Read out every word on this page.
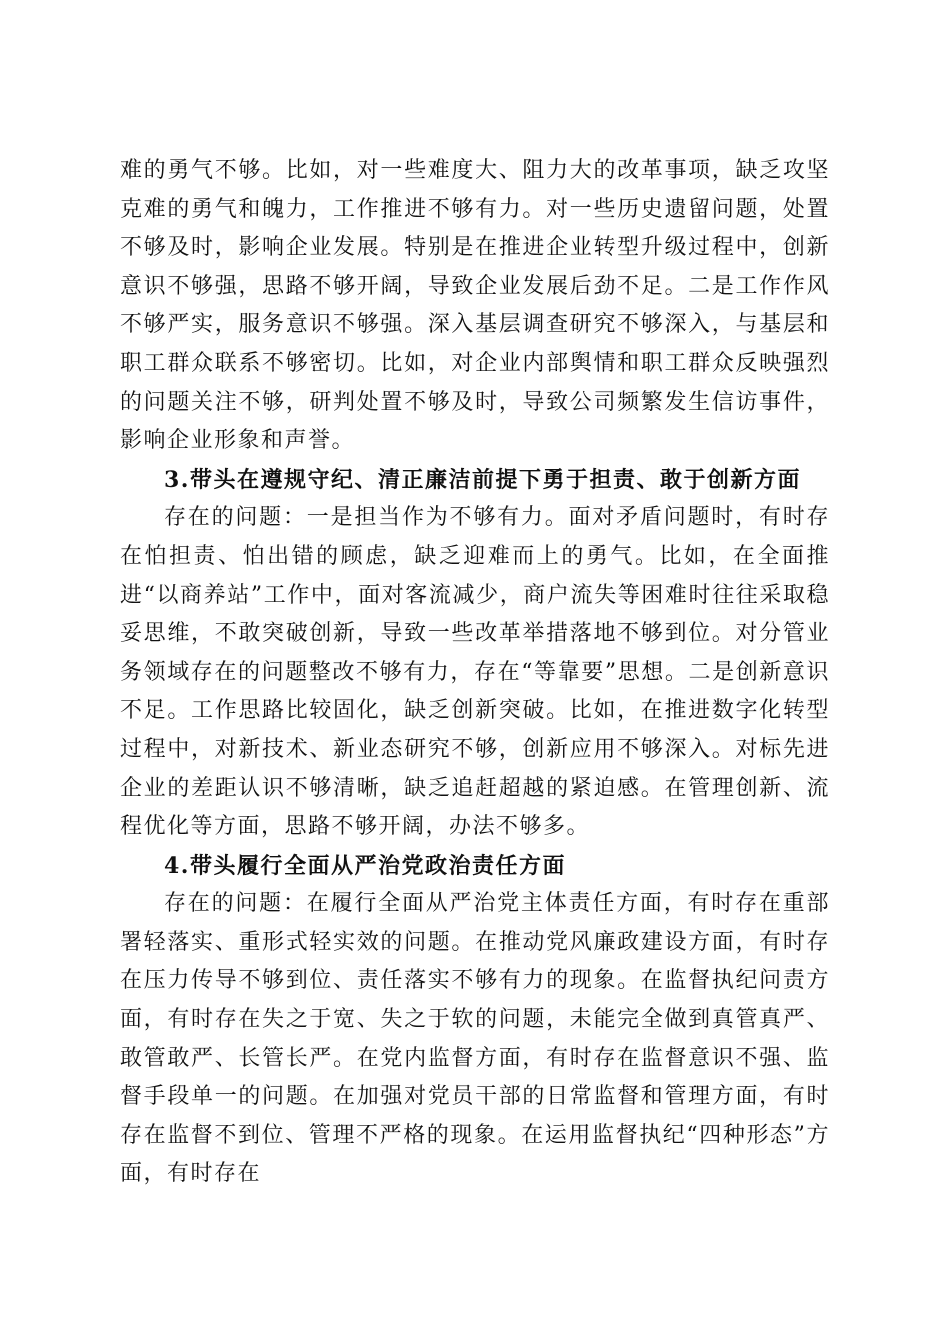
难的勇气不够。比如，对一些难度大、阻力大的改革事项，缺乏攻坚克难的勇气和魄力，工作推进不够有力。对一些历史遗留问题，处置不够及时，影响企业发展。特别是在推进企业转型升级过程中，创新意识不够强，思路不够开阔，导致企业发展后劲不足。二是工作作风不够严实，服务意识不够强。深入基层调查研究不够深入，与基层和职工群众联系不够密切。比如，对企业内部舆情和职工群众反映强烈的问题关注不够，研判处置不够及时，导致公司频繁发生信访事件，影响企业形象和声誉。

3.带头在遵规守纪、清正廉洁前提下勇于担责、敢于创新方面

存在的问题：一是担当作为不够有力。面对矛盾问题时，有时存在怕担责、怕出错的顾虑，缺乏迎难而上的勇气。比如，在全面推进“以商养站”工作中，面对客流减少，商户流失等困难时往往采取稳妥思维，不敢突破创新，导致一些改革举措落地不够到位。对分管业务领域存在的问题整改不够有力，存在“等靠要”思想。二是创新意识不足。工作思路比较固化，缺乏创新突破。比如，在推进数字化转型过程中，对新技术、新业态研究不够，创新应用不够深入。对标先进企业的差距认识不够清晰，缺乏追赶超越的紧迫感。在管理创新、流程优化等方面，思路不够开阔，办法不够多。

4.带头履行全面从严治党政治责任方面

存在的问题：在履行全面从严治党主体责任方面，有时存在重部署轻落实、重形式轻实效的问题。在推动党风廉政建设方面，有时存在压力传导不够到位、责任落实不够有力的现象。在监督执纪问责方面，有时存在失之于宽、失之于软的问题，未能完全做到真管真严、敢管敢严、长管长严。在党内监督方面，有时存在监督意识不强、监督手段单一的问题。在加强对党员干部的日常监督和管理方面，有时存在监督不到位、管理不严格的现象。在运用监督执纪“四种形态”方面，有时存在
